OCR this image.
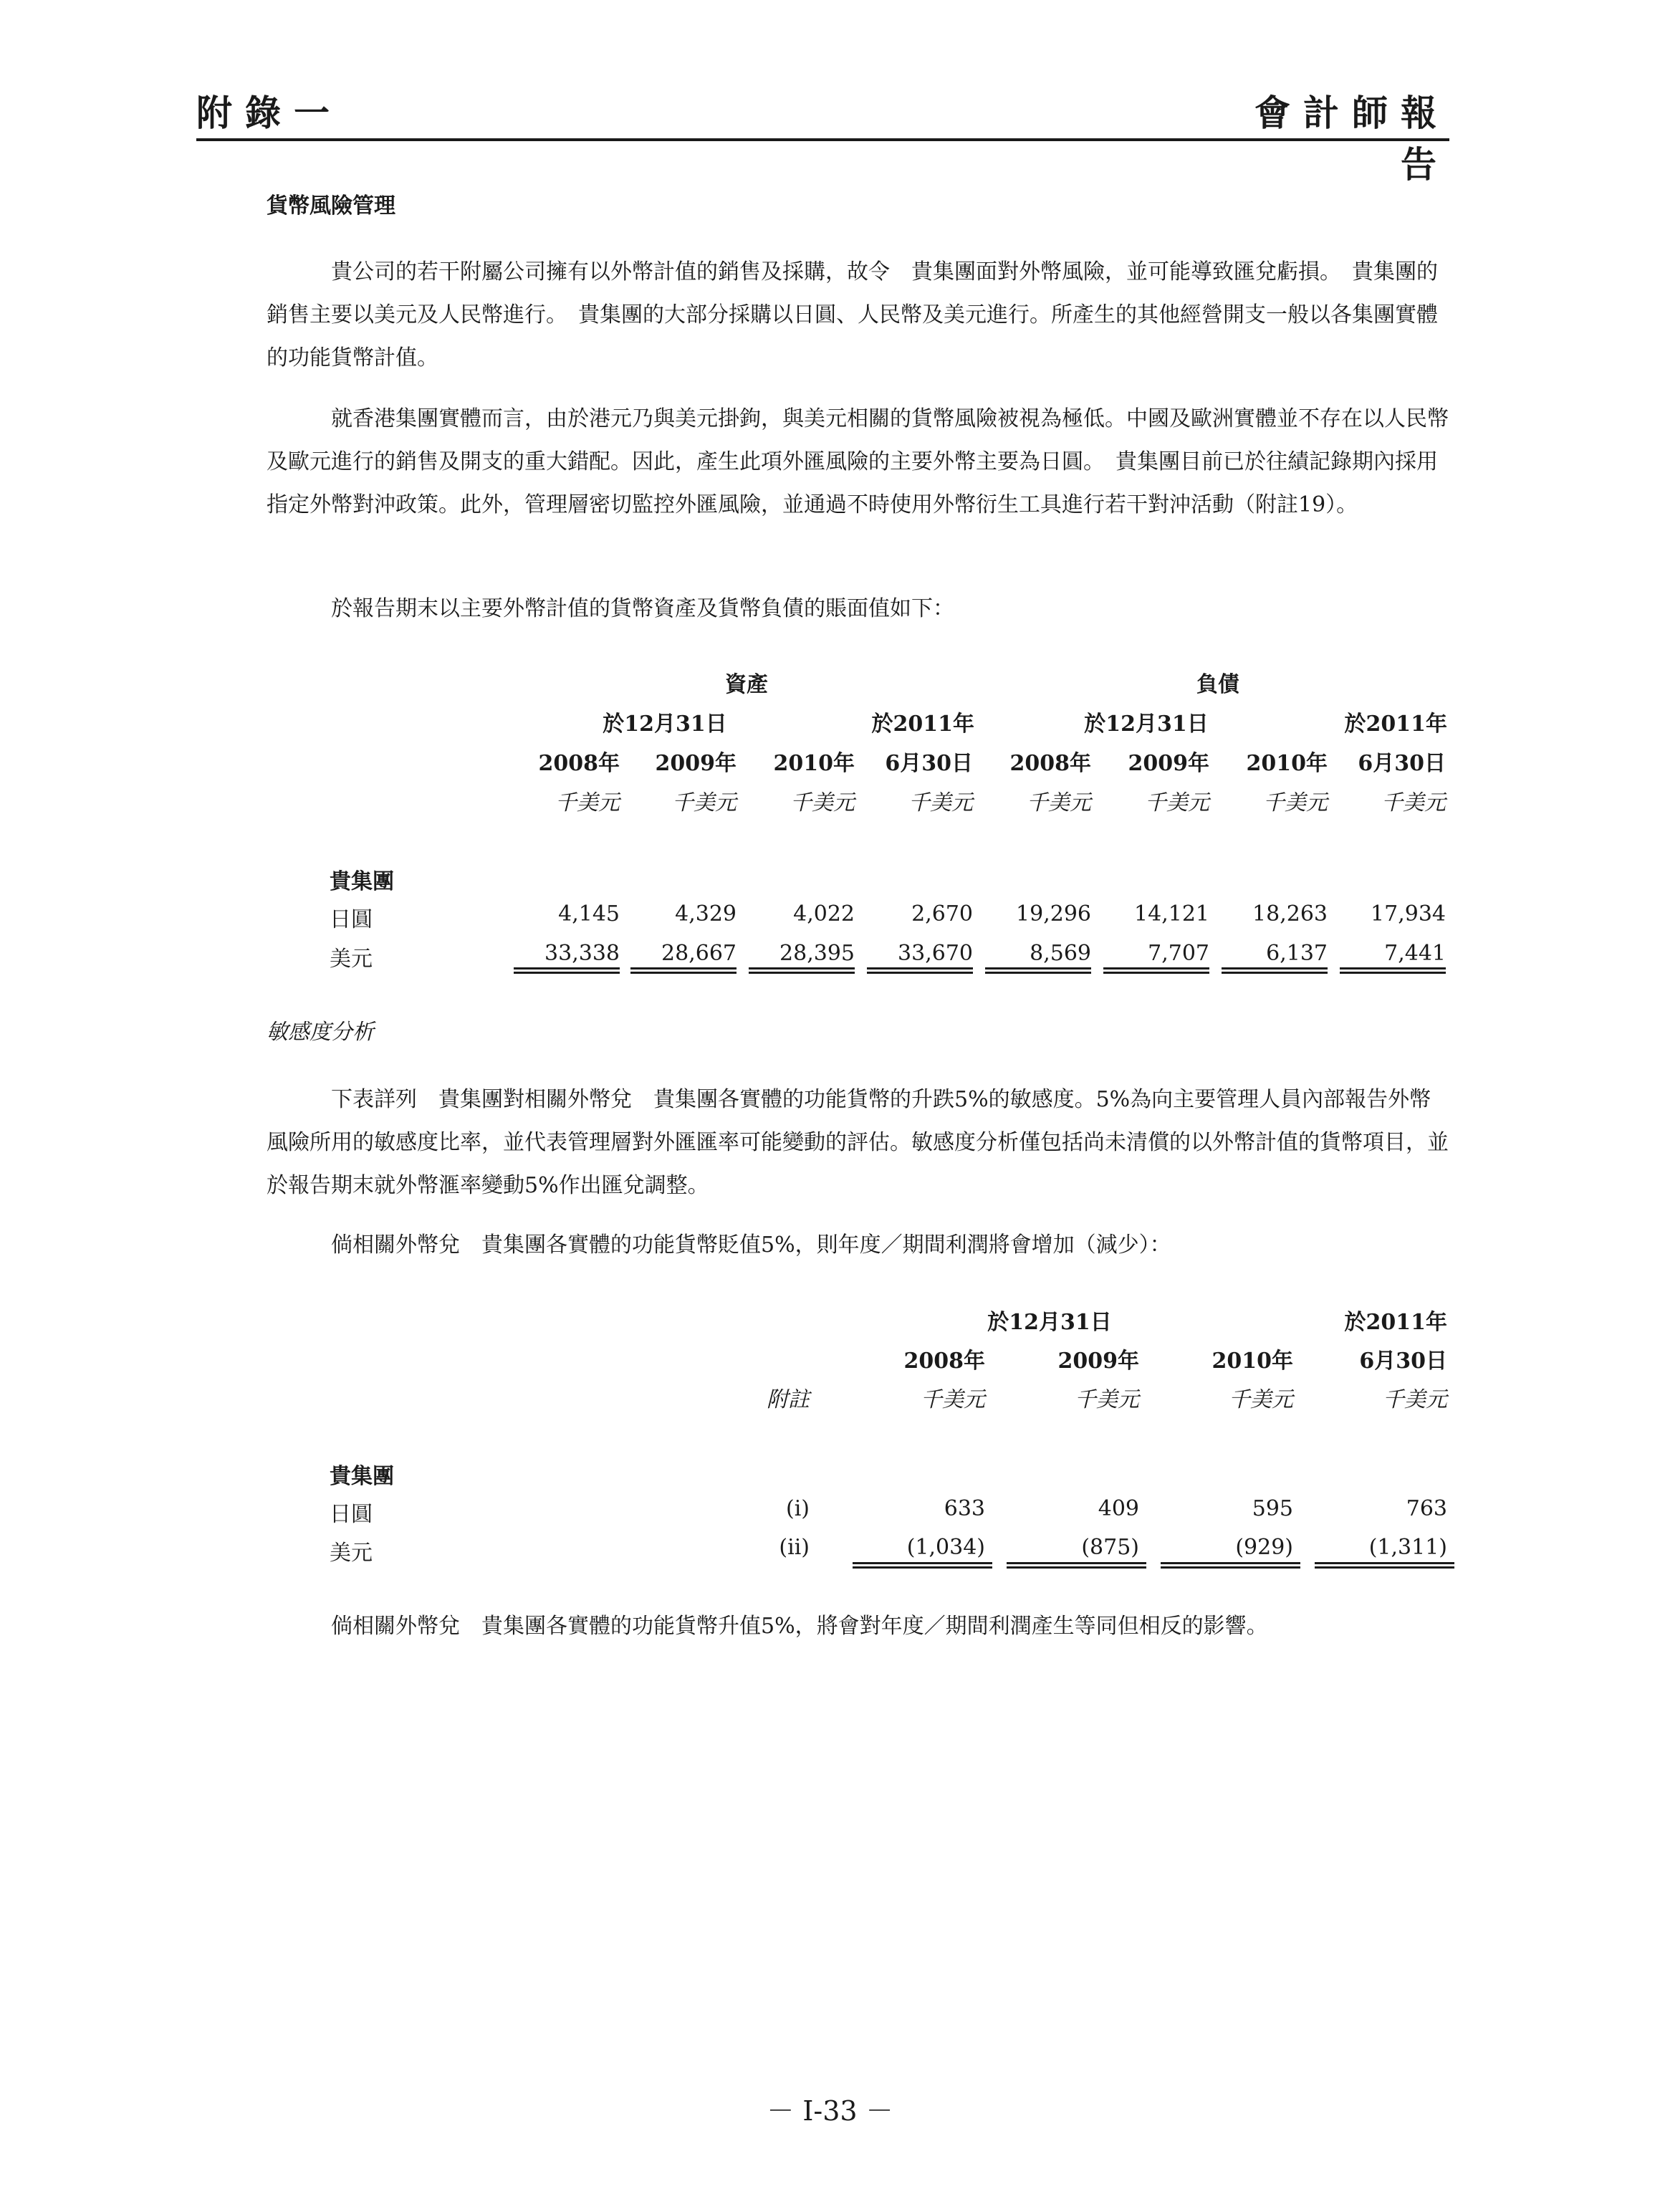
附錄一	會計師報告
貨幣風險管理

貴公司的若干附屬公司擁有以外幣計值的銷售及採購，故令　貴集團面對外幣風險，並可能導致匯兌虧損。　貴集團的銷售主要以美元及人民幣進行。　貴集團的大部分採購以日圓、人民幣及美元進行。所產生的其他經營開支一般以各集團實體的功能貨幣計值。

就香港集團實體而言，由於港元乃與美元掛鉤，與美元相關的貨幣風險被視為極低。中國及歐洲實體並不存在以人民幣及歐元進行的銷售及開支的重大錯配。因此，產生此項外匯風險的主要外幣主要為日圓。　貴集團目前已於往績記錄期內採用指定外幣對沖政策。此外，管理層密切監控外匯風險，並通過不時使用外幣衍生工具進行若干對沖活動（附註19）。

於報告期末以主要外幣計值的貨幣資產及貨幣負債的賬面值如下：

資產	負債
於12月31日	於2011年	於12月31日	於2011年
2008年	2009年	2010年	6月30日	2008年	2009年	2010年	6月30日
千美元	千美元	千美元	千美元	千美元	千美元	千美元	千美元
貴集團
日圓	4,145	4,329	4,022	2,670	19,296	14,121	18,263	17,934
美元	33,338	28,667	28,395	33,670	8,569	7,707	6,137	7,441
敏感度分析

下表詳列　貴集團對相關外幣兌　貴集團各實體的功能貨幣的升跌5%的敏感度。5%為向主要管理人員內部報告外幣風險所用的敏感度比率，並代表管理層對外匯匯率可能變動的評估。敏感度分析僅包括尚未清償的以外幣計值的貨幣項目，並於報告期末就外幣滙率變動5%作出匯兌調整。

倘相關外幣兌　貴集團各實體的功能貨幣貶值5%，則年度／期間利潤將會增加（減少）：

於12月31日	於2011年
2008年	2009年	2010年	6月30日
附註	千美元	千美元	千美元	千美元
貴集團
日圓	(i)	633	409	595	763
美元	(ii)	(1,034)	(875)	(929)	(1,311)

倘相關外幣兌　貴集團各實體的功能貨幣升值5%，將會對年度／期間利潤產生等同但相反的影響。

－ I-33 －
